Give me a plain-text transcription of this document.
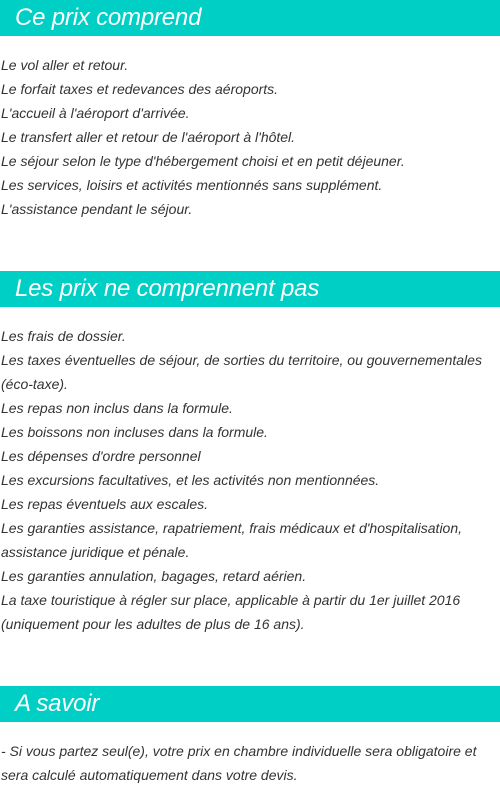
Ce prix comprend
Le vol aller et retour.
Le forfait taxes et redevances des aéroports.
L'accueil à l'aéroport d'arrivée.
Le transfert aller et retour de l'aéroport à l'hôtel.
Le séjour selon le type d'hébergement choisi et en petit déjeuner.
Les services, loisirs et activités mentionnés sans supplément.
L'assistance pendant le séjour.
Les prix ne comprennent pas
Les frais de dossier.
Les taxes éventuelles de séjour, de sorties du territoire, ou gouvernementales (éco-taxe).
Les repas non inclus dans la formule.
Les boissons non incluses dans la formule.
Les dépenses d'ordre personnel
Les excursions facultatives, et les activités non mentionnées.
Les repas éventuels aux escales.
Les garanties assistance, rapatriement, frais médicaux et d'hospitalisation, assistance juridique et pénale.
Les garanties annulation, bagages, retard aérien.
La taxe touristique à régler sur place, applicable à partir du 1er juillet 2016 (uniquement pour les adultes de plus de 16 ans).
A savoir
- Si vous partez seul(e), votre prix en chambre individuelle sera obligatoire et sera calculé automatiquement dans votre devis.
